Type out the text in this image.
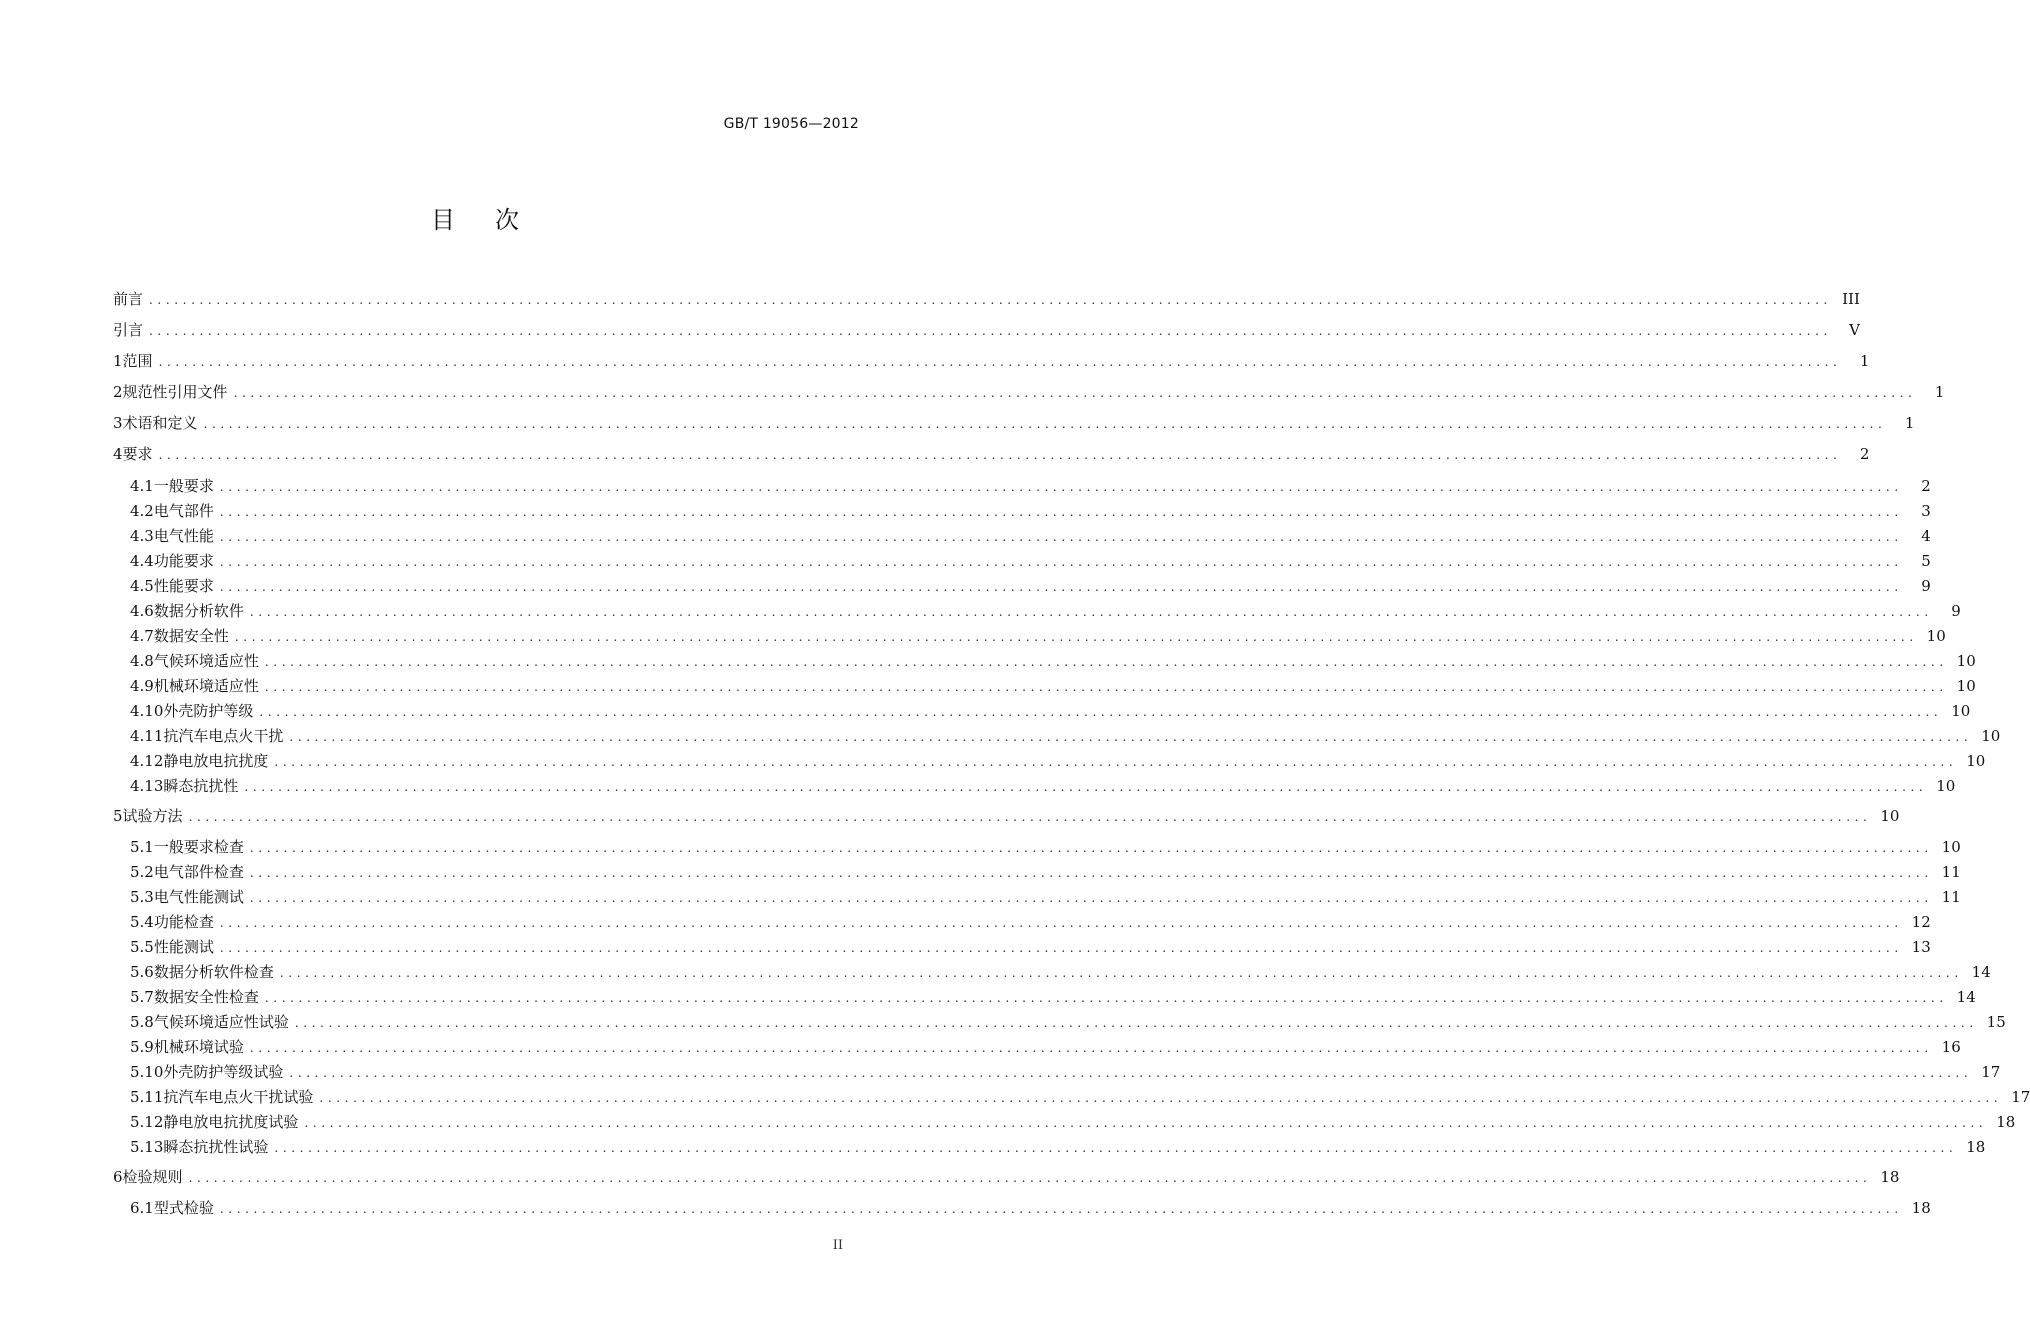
GB/T 19056—2012
目次
前言 ........................................................................................................................................................................................................ III
引言 ........................................................................................................................................................................................................	V
1 范围 ........................................................................................................................................................................................................	1
2 规范性引用文件 ........................................................................................................................................................................................................	1
3 术语和定义 ........................................................................................................................................................................................................	1
4 要求 ........................................................................................................................................................................................................	2
4.1 一般要求 ........................................................................................................................................................................................................	2
4.2 电气部件 ........................................................................................................................................................................................................	3
4.3 电气性能 ........................................................................................................................................................................................................	4
4.4 功能要求 ........................................................................................................................................................................................................	5
4.5 性能要求 ........................................................................................................................................................................................................	9
4.6 数据分析软件 ........................................................................................................................................................................................................	9
4.7 数据安全性 ........................................................................................................................................................................................................ 10
4.8 气候环境适应性 ........................................................................................................................................................................................................ 10
4.9 机械环境适应性 ........................................................................................................................................................................................................ 10
4.10 外壳防护等级 ........................................................................................................................................................................................................ 10
4.11 抗汽车电点火干扰 ........................................................................................................................................................................................................ 10
4.12 静电放电抗扰度 ........................................................................................................................................................................................................ 10
4.13 瞬态抗扰性 ........................................................................................................................................................................................................ 10
5 试验方法 ........................................................................................................................................................................................................ 10
5.1 一般要求检查 ........................................................................................................................................................................................................ 10
5.2 电气部件检查 ........................................................................................................................................................................................................ 11
5.3 电气性能测试 ........................................................................................................................................................................................................ 11
5.4 功能检查 ........................................................................................................................................................................................................ 12
5.5 性能测试 ........................................................................................................................................................................................................ 13
5.6 数据分析软件检查 ........................................................................................................................................................................................................ 14
5.7 数据安全性检查 ........................................................................................................................................................................................................ 14
5.8 气候环境适应性试验 ........................................................................................................................................................................................................ 15
5.9 机械环境试验 ........................................................................................................................................................................................................ 16
5.10 外壳防护等级试验 ........................................................................................................................................................................................................ 17
5.11 抗汽车电点火干扰试验 ........................................................................................................................................................................................................ 17
5.12 静电放电抗扰度试验 ........................................................................................................................................................................................................ 18
5.13 瞬态抗扰性试验 ........................................................................................................................................................................................................ 18
6 检验规则 ........................................................................................................................................................................................................ 18
6.1 型式检验 ........................................................................................................................................................................................................ 18
II
